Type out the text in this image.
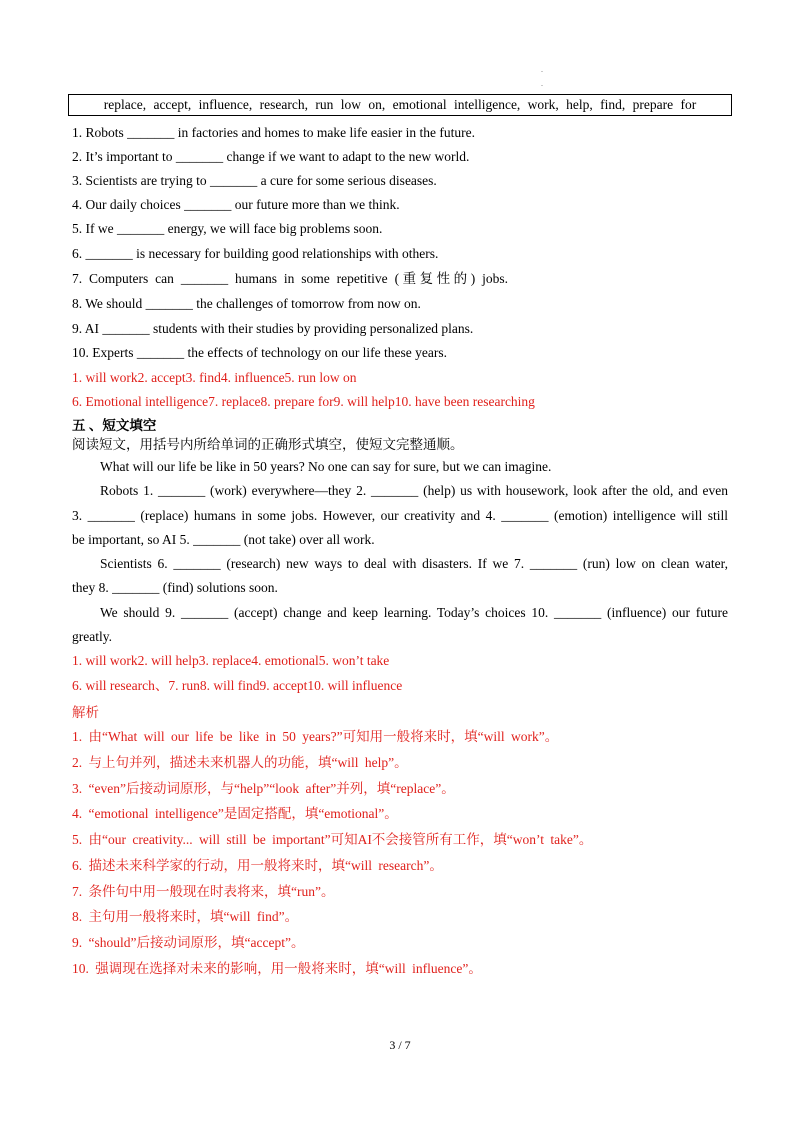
.
.
replace, accept, influence, research, run low on, emotional intelligence, work, help, find, prepare for
1. Robots _______ in factories and homes to make life easier in the future.
2. It’s important to _______ change if we want to adapt to the new world.
3. Scientists are trying to _______ a cure for some serious diseases.
4. Our daily choices _______ our future more than we think.
5. If we _______ energy, we will face big problems soon.
6. _______ is necessary for building good relationships with others.
7. Computers can _______ humans in some repetitive (重复性的) jobs.
8. We should _______ the challenges of tomorrow from now on.
9. AI _______ students with their studies by providing personalized plans.
10. Experts _______ the effects of technology on our life these years.
1. will work2. accept3. find4. influence5. run low on
6. Emotional intelligence7. replace8. prepare for9. will help10. have been researching
五 、短文填空
阅读短文，用括号内所给单词的正确形式填空，使短文完整通顺。
What will our life be like in 50 years? No one can say for sure, but we can imagine.
Robots 1. _______ (work) everywhere—they 2. _______ (help) us with housework, look after the old, and even
3. _______ (replace) humans in some jobs. However, our creativity and 4. _______ (emotion) intelligence will still
be important, so AI 5. _______ (not take) over all work.
Scientists 6. _______ (research) new ways to deal with disasters. If we 7. _______ (run) low on clean water,
they 8. _______ (find) solutions soon.
We should 9. _______ (accept) change and keep learning. Today’s choices 10. _______ (influence) our future
greatly.
1. will work2. will help3. replace4. emotional5. won’t take
6. will research、7. run8. will find9. accept10. will influence
解析
1. 由“What will our life be like in 50 years?”可知用一般将来时，填“will work”。
2. 与上句并列，描述未来机器人的功能，填“will help”。
3. “even”后接动词原形，与“help”“look after”并列，填“replace”。
4. “emotional intelligence”是固定搭配，填“emotional”。
5. 由“our creativity... will still be important”可知AI不会接管所有工作，填“won’t take”。
6. 描述未来科学家的行动，用一般将来时，填“will research”。
7. 条件句中用一般现在时表将来，填“run”。
8. 主句用一般将来时，填“will find”。
9. “should”后接动词原形，填“accept”。
10. 强调现在选择对未来的影响，用一般将来时，填“will influence”。
3 / 7
